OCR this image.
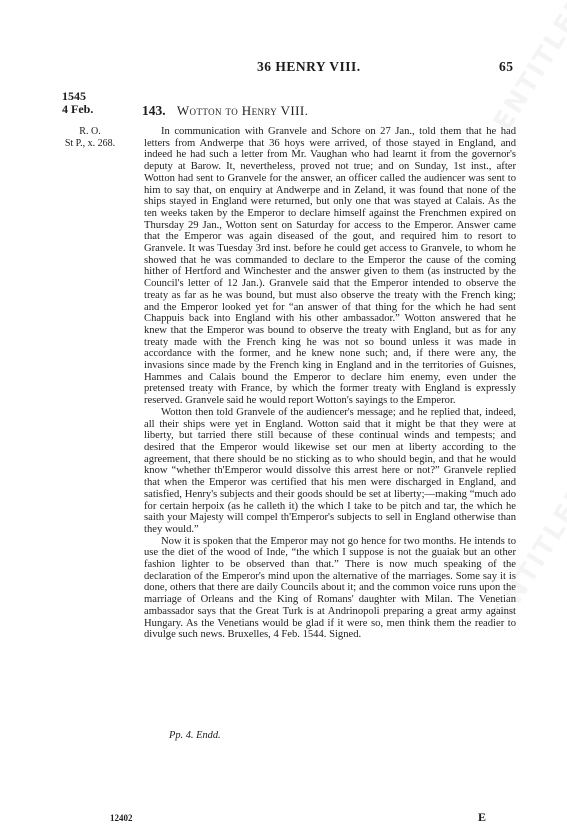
36 HENRY VIII.	65
1545
4 Feb.
R. O.
St P., x. 268.
143. Wotton to Henry VIII.

In communication with Granvele and Schore on 27 Jan., told them that he had letters from Andwerpe that 36 hoys were arrived, of those stayed in England, and indeed he had such a letter from Mr. Vaughan who had learnt it from the governor's deputy at Barow. It, nevertheless, proved not true; and on Sunday, 1st inst., after Wotton had sent to Granvele for the answer, an officer called the audiencer was sent to him to say that, on enquiry at Andwerpe and in Zeland, it was found that none of the ships stayed in England were returned, but only one that was stayed at Calais. As the ten weeks taken by the Emperor to declare himself against the Frenchmen expired on Thursday 29 Jan., Wotton sent on Saturday for access to the Emperor. Answer came that the Emperor was again diseased of the gout, and required him to resort to Granvele. It was Tuesday 3rd inst. before he could get access to Granvele, to whom he showed that he was commanded to declare to the Emperor the cause of the coming hither of Hertford and Winchester and the answer given to them (as instructed by the Council's letter of 12 Jan.). Granvele said that the Emperor intended to observe the treaty as far as he was bound, but must also observe the treaty with the French king; and the Emperor looked yet for “an answer of that thing for the which he had sent Chappuis back into England with his other ambassador.” Wotton answered that he knew that the Emperor was bound to observe the treaty with England, but as for any treaty made with the French king he was not so bound unless it was made in accordance with the former, and he knew none such; and, if there were any, the invasions since made by the French king in England and in the territories of Guisnes, Hammes and Calais bound the Emperor to declare him enemy, even under the pretensed treaty with France, by which the former treaty with England is expressly reserved. Granvele said he would report Wotton's sayings to the Emperor.

Wotton then told Granvele of the audiencer's message; and he replied that, indeed, all their ships were yet in England. Wotton said that it might be that they were at liberty, but tarried there still because of these continual winds and tempests; and desired that the Emperor would likewise set our men at liberty according to the agreement, that there should be no sticking as to who should begin, and that he would know “whether th'Emperor would dissolve this arrest here or not?” Granvele replied that when the Emperor was certified that his men were discharged in England, and satisfied, Henry's subjects and their goods should be set at liberty;—making “much ado for certain herpoix (as he calleth it) the which I take to be pitch and tar, the which he saith your Majesty will compel th'Emperor's subjects to sell in England otherwise than they would.”

Now it is spoken that the Emperor may not go hence for two months. He intends to use the diet of the wood of Inde, “the which I suppose is not the guaiak but an other fashion lighter to be observed than that.” There is now much speaking of the declaration of the Emperor's mind upon the alternative of the marriages. Some say it is done, others that there are daily Councils about it; and the common voice runs upon the marriage of Orleans and the King of Romans' daughter with Milan. The Venetian ambassador says that the Great Turk is at Andrinopoli preparing a great army against Hungary. As the Venetians would be glad if it were so, men think them the readier to divulge such news. Bruxelles, 4 Feb. 1544. Signed.

Pp. 4. Endd.
12402	E
